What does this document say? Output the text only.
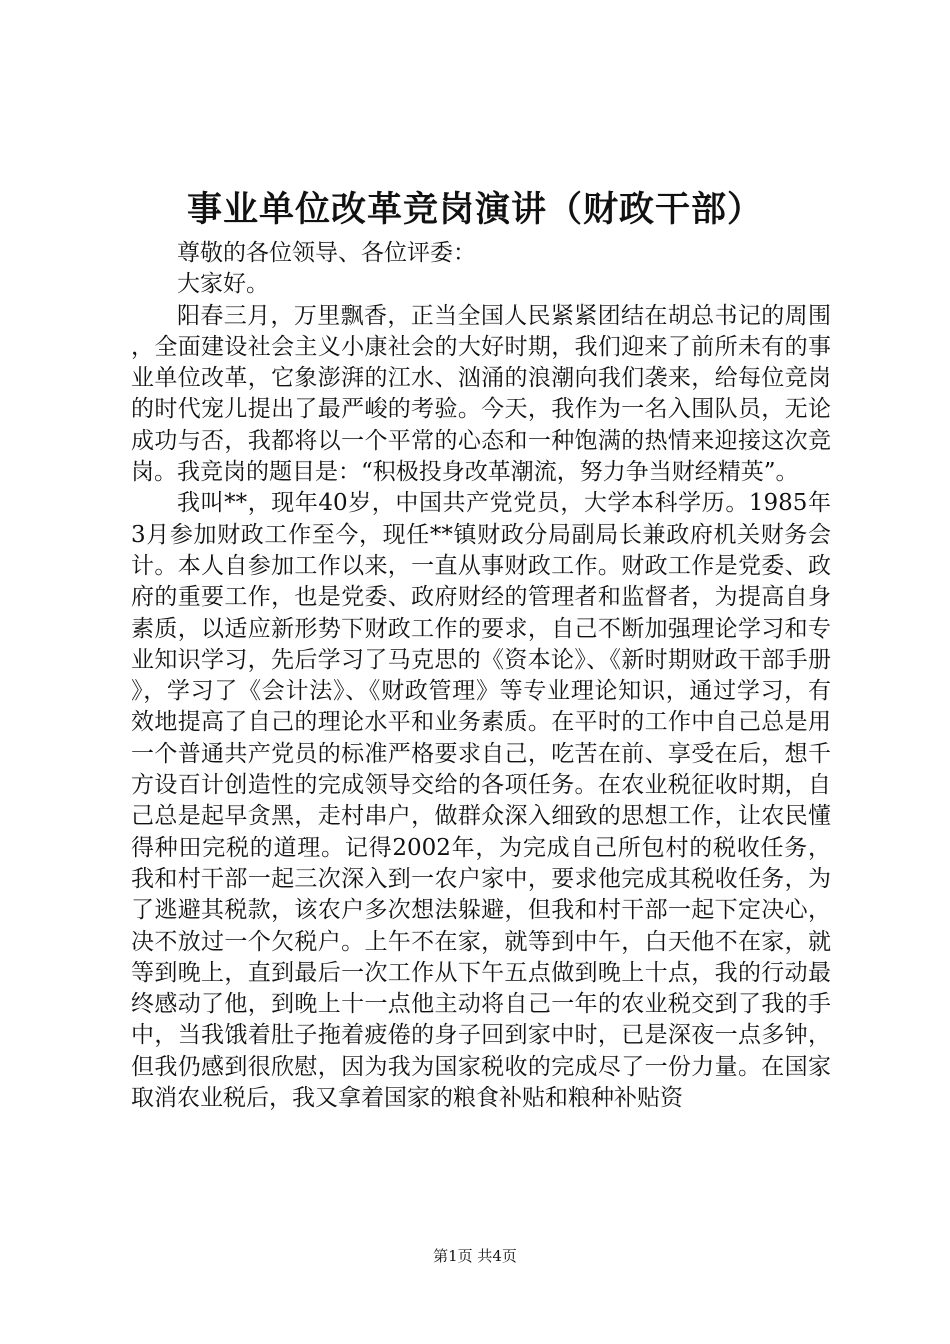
事业单位改革竞岗演讲（财政干部）

尊敬的各位领导、各位评委：

大家好。

阳春三月，万里飘香，正当全国人民紧紧团结在胡总书记的周围，全面建设社会主义小康社会的大好时期，我们迎来了前所未有的事业单位改革，它象澎湃的江水、汹涌的浪潮向我们袭来，给每位竞岗的时代宠儿提出了最严峻的考验。今天，我作为一名入围队员，无论成功与否，我都将以一个平常的心态和一种饱满的热情来迎接这次竞岗。我竞岗的题目是：“积极投身改革潮流，努力争当财经精英”。

我叫**，现年40岁，中国共产党党员，大学本科学历。1985年3月参加财政工作至今，现任**镇财政分局副局长兼政府机关财务会计。本人自参加工作以来，一直从事财政工作。财政工作是党委、政府的重要工作，也是党委、政府财经的管理者和监督者，为提高自身素质，以适应新形势下财政工作的要求，自己不断加强理论学习和专业知识学习，先后学习了马克思的《资本论》、《新时期财政干部手册》，学习了《会计法》、《财政管理》等专业理论知识，通过学习，有效地提高了自己的理论水平和业务素质。在平时的工作中自己总是用一个普通共产党员的标准严格要求自己，吃苦在前、享受在后，想千方设百计创造性的完成领导交给的各项任务。在农业税征收时期，自己总是起早贪黑，走村串户，做群众深入细致的思想工作，让农民懂得种田完税的道理。记得2002年，为完成自己所包村的税收任务，我和村干部一起三次深入到一农户家中，要求他完成其税收任务，为了逃避其税款，该农户多次想法躲避，但我和村干部一起下定决心，决不放过一个欠税户。上午不在家，就等到中午，白天他不在家，就等到晚上，直到最后一次工作从下午五点做到晚上十点，我的行动最终感动了他，到晚上十一点他主动将自己一年的农业税交到了我的手中，当我饿着肚子拖着疲倦的身子回到家中时，已是深夜一点多钟，但我仍感到很欣慰，因为我为国家税收的完成尽了一份力量。在国家取消农业税后，我又拿着国家的粮食补贴和粮种补贴资

第1页 共4页
